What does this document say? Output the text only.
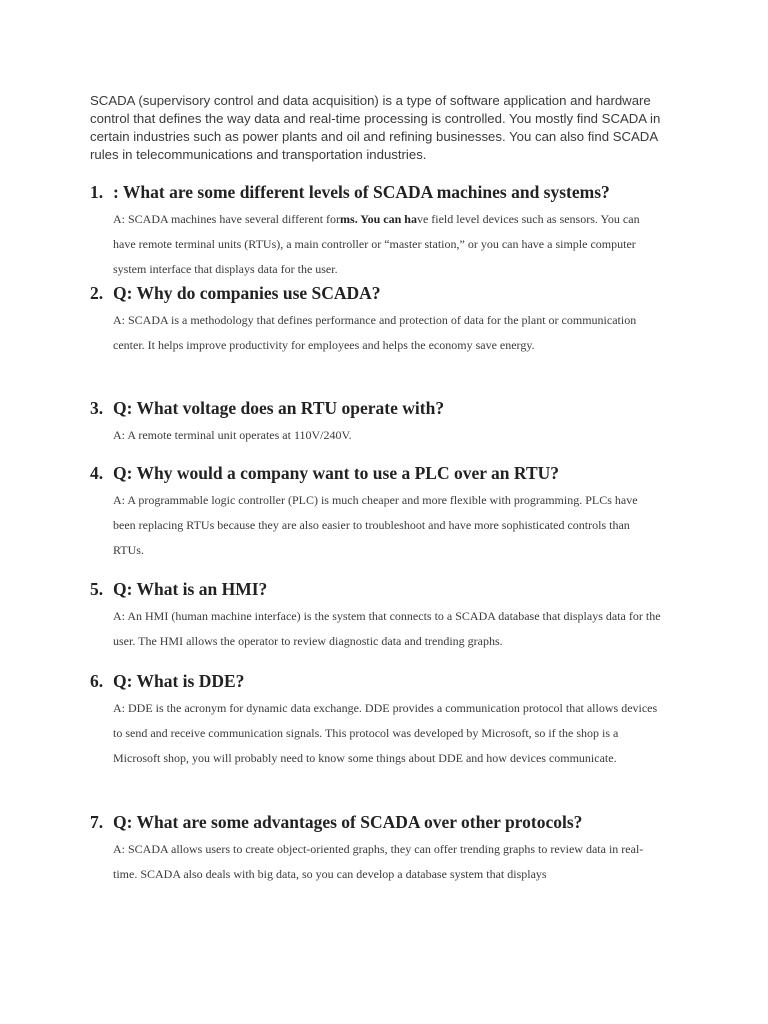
SCADA (supervisory control and data acquisition) is a type of software application and hardware control that defines the way data and real-time processing is controlled. You mostly find SCADA in certain industries such as power plants and oil and refining businesses. You can also find SCADA rules in telecommunications and transportation industries.

1. : What are some different levels of SCADA machines and systems?

A: SCADA machines have several different forms. You can have field level devices such as sensors. You can have remote terminal units (RTUs), a main controller or “master station,” or you can have a simple computer system interface that displays data for the user.

2. Q: Why do companies use SCADA?

A: SCADA is a methodology that defines performance and protection of data for the plant or communication center. It helps improve productivity for employees and helps the economy save energy.

3. Q: What voltage does an RTU operate with?

A: A remote terminal unit operates at 110V/240V.

4. Q: Why would a company want to use a PLC over an RTU?

A: A programmable logic controller (PLC) is much cheaper and more flexible with programming. PLCs have been replacing RTUs because they are also easier to troubleshoot and have more sophisticated controls than RTUs.

5. Q: What is an HMI?

A: An HMI (human machine interface) is the system that connects to a SCADA database that displays data for the user. The HMI allows the operator to review diagnostic data and trending graphs.

6. Q: What is DDE?

A: DDE is the acronym for dynamic data exchange. DDE provides a communication protocol that allows devices to send and receive communication signals. This protocol was developed by Microsoft, so if the shop is a Microsoft shop, you will probably need to know some things about DDE and how devices communicate.

7. Q: What are some advantages of SCADA over other protocols?

A: SCADA allows users to create object-oriented graphs, they can offer trending graphs to review data in real-time. SCADA also deals with big data, so you can develop a database system that displays
